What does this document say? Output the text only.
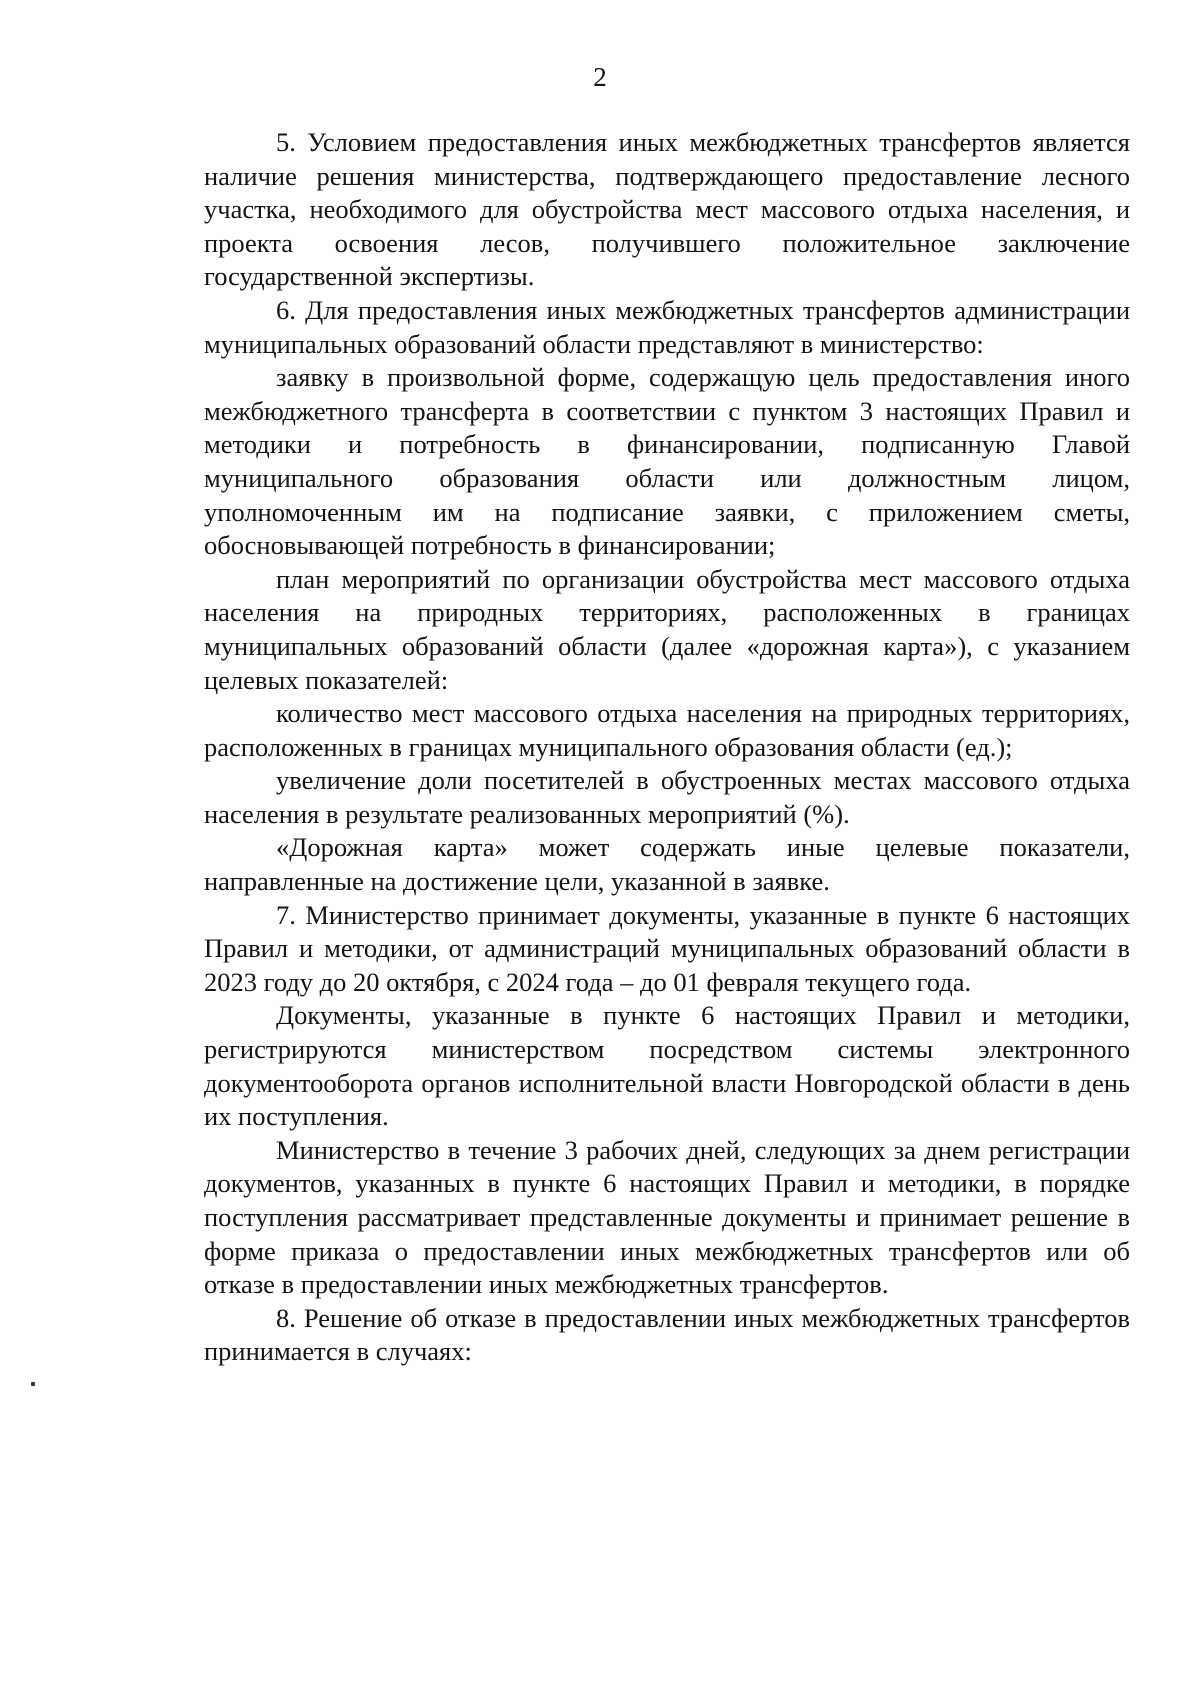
2

5. Условием предоставления иных межбюджетных трансфертов является наличие решения министерства, подтверждающего предоставление лесного участка, необходимого для обустройства мест массового отдыха населения, и проекта освоения лесов, получившего положительное заключение государственной экспертизы.

6. Для предоставления иных межбюджетных трансфертов администрации муниципальных образований области представляют в министерство:

заявку в произвольной форме, содержащую цель предоставления иного межбюджетного трансферта в соответствии с пунктом 3 настоящих Правил и методики и потребность в финансировании, подписанную Главой муниципального образования области или должностным лицом, уполномоченным им на подписание заявки, с приложением сметы, обосновывающей потребность в финансировании;

план мероприятий по организации обустройства мест массового отдыха населения на природных территориях, расположенных в границах муниципальных образований области (далее «дорожная карта»), с указанием целевых показателей:

количество мест массового отдыха населения на природных территориях, расположенных в границах муниципального образования области (ед.);

увеличение доли посетителей в обустроенных местах массового отдыха населения в результате реализованных мероприятий (%).

«Дорожная карта» может содержать иные целевые показатели, направленные на достижение цели, указанной в заявке.

7. Министерство принимает документы, указанные в пункте 6 настоящих Правил и методики, от администраций муниципальных образований области в 2023 году до 20 октября, с 2024 года – до 01 февраля текущего года.

Документы, указанные в пункте 6 настоящих Правил и методики, регистрируются министерством посредством системы электронного документооборота органов исполнительной власти Новгородской области в день их поступления.

Министерство в течение 3 рабочих дней, следующих за днем регистрации документов, указанных в пункте 6 настоящих Правил и методики, в порядке поступления рассматривает представленные документы и принимает решение в форме приказа о предоставлении иных межбюджетных трансфертов или об отказе в предоставлении иных межбюджетных трансфертов.

8. Решение об отказе в предоставлении иных межбюджетных трансфертов принимается в случаях:
